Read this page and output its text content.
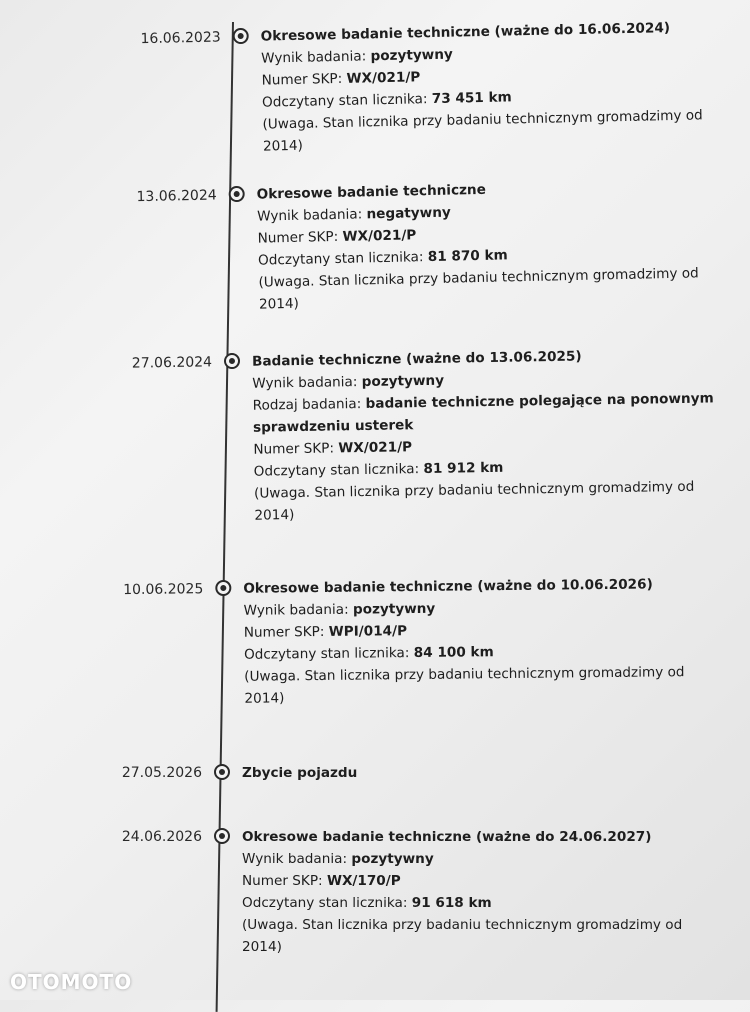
16.06.2023	Okresowe badanie techniczne (ważne do 16.06.2024)
Wynik badania: pozytywny
Numer SKP: WX/021/P
Odczytany stan licznika: 73 451 km
(Uwaga. Stan licznika przy badaniu technicznym gromadzimy od
2014)
13.06.2024	Okresowe badanie techniczne
Wynik badania: negatywny
Numer SKP: WX/021/P
Odczytany stan licznika: 81 870 km
(Uwaga. Stan licznika przy badaniu technicznym gromadzimy od
2014)
27.06.2024	Badanie techniczne (ważne do 13.06.2025)
Wynik badania: pozytywny
Rodzaj badania: badanie techniczne polegające na ponownym
sprawdzeniu usterek
Numer SKP: WX/021/P
Odczytany stan licznika: 81 912 km
(Uwaga. Stan licznika przy badaniu technicznym gromadzimy od
2014)
10.06.2025	Okresowe badanie techniczne (ważne do 10.06.2026)
Wynik badania: pozytywny
Numer SKP: WPI/014/P
Odczytany stan licznika: 84 100 km
(Uwaga. Stan licznika przy badaniu technicznym gromadzimy od
2014)
27.05.2026	Zbycie pojazdu
24.06.2026	Okresowe badanie techniczne (ważne do 24.06.2027)
Wynik badania: pozytywny
Numer SKP: WX/170/P
Odczytany stan licznika: 91 618 km
(Uwaga. Stan licznika przy badaniu technicznym gromadzimy od
2014)
OTOMOTO
